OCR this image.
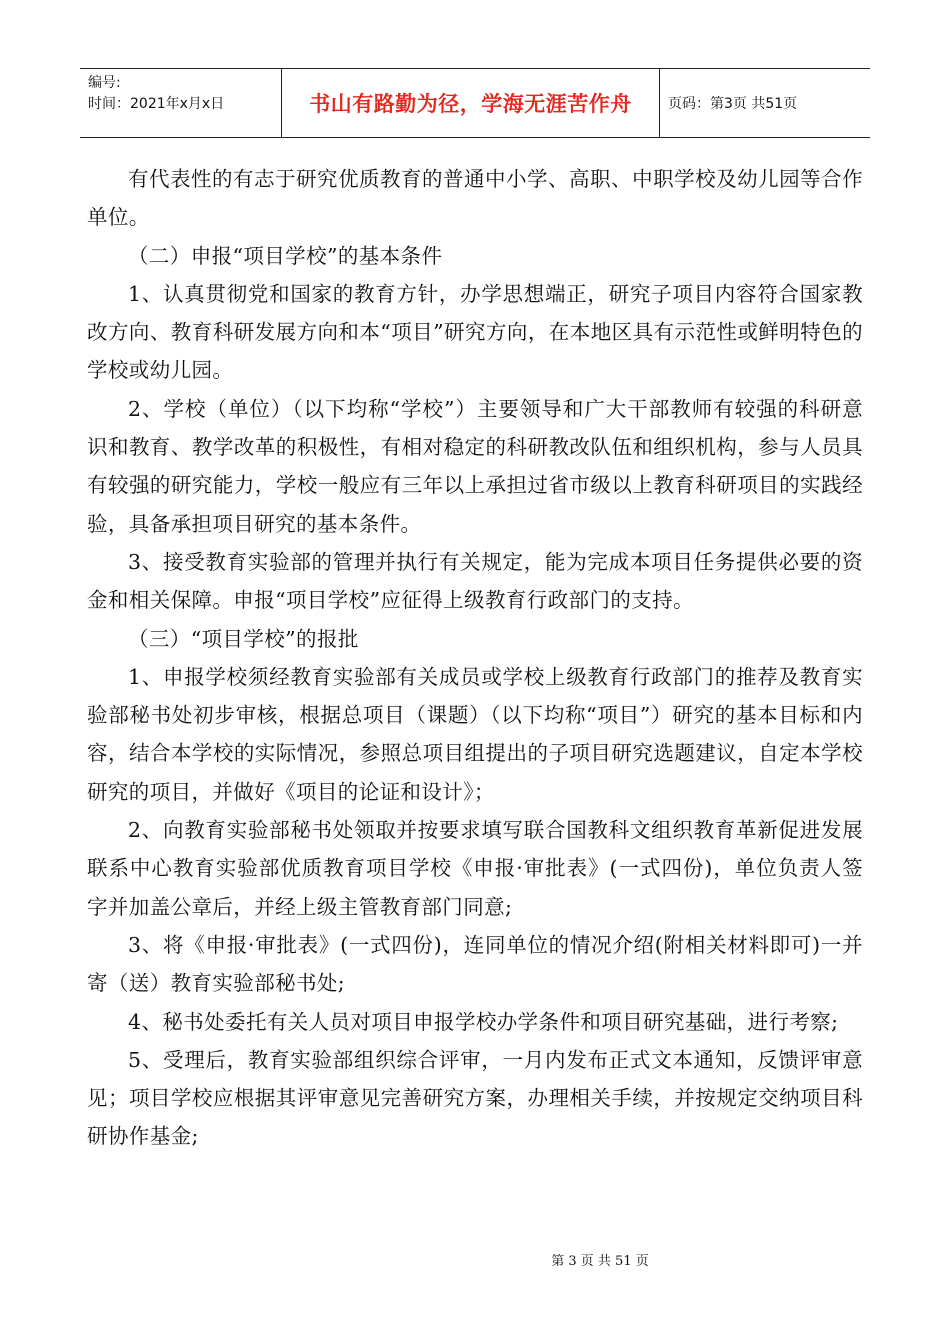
编号:
时间：2021年x月x日	书山有路勤为径，学海无涯苦作舟	页码：第3页 共51页

有代表性的有志于研究优质教育的普通中小学、高职、中职学校及幼儿园等合作单位。

（二）申报“项目学校”的基本条件

1、认真贯彻党和国家的教育方针，办学思想端正，研究子项目内容符合国家教改方向、教育科研发展方向和本“项目”研究方向，在本地区具有示范性或鲜明特色的学校或幼儿园。

2、学校（单位）（以下均称“学校”）主要领导和广大干部教师有较强的科研意识和教育、教学改革的积极性，有相对稳定的科研教改队伍和组织机构，参与人员具有较强的研究能力，学校一般应有三年以上承担过省市级以上教育科研项目的实践经验，具备承担项目研究的基本条件。

3、接受教育实验部的管理并执行有关规定，能为完成本项目任务提供必要的资金和相关保障。申报“项目学校”应征得上级教育行政部门的支持。

（三）“项目学校”的报批

1、申报学校须经教育实验部有关成员或学校上级教育行政部门的推荐及教育实验部秘书处初步审核，根据总项目（课题）（以下均称“项目”）研究的基本目标和内容，结合本学校的实际情况，参照总项目组提出的子项目研究选题建议，自定本学校研究的项目，并做好《项目的论证和设计》；

2、向教育实验部秘书处领取并按要求填写联合国教科文组织教育革新促进发展联系中心教育实验部优质教育项目学校《申报·审批表》(一式四份)，单位负责人签字并加盖公章后，并经上级主管教育部门同意;

3、将《申报·审批表》(一式四份)，连同单位的情况介绍(附相关材料即可)一并寄（送）教育实验部秘书处;

4、秘书处委托有关人员对项目申报学校办学条件和项目研究基础，进行考察;

5、受理后，教育实验部组织综合评审，一月内发布正式文本通知，反馈评审意见；项目学校应根据其评审意见完善研究方案，办理相关手续，并按规定交纳项目科研协作基金;

第 3 页 共 51 页
